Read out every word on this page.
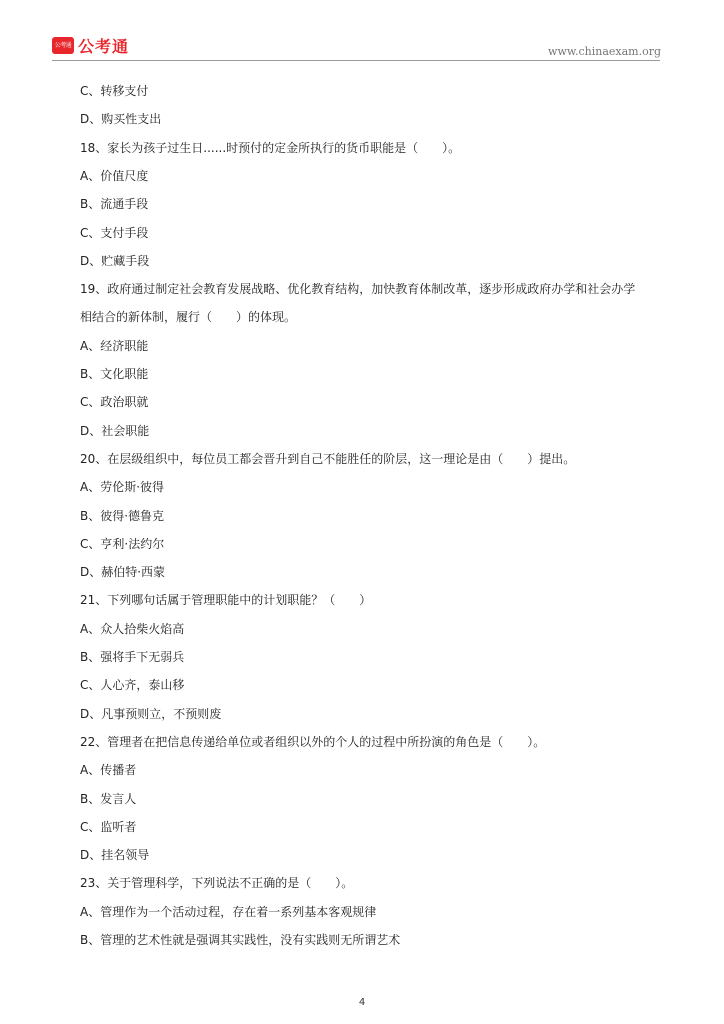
公考通 公考通	www.chinaexam.org
C、转移支付
D、购买性支出
18、家长为孩子过生日......时预付的定金所执行的货币职能是（　　）。
A、价值尺度
B、流通手段
C、支付手段
D、贮藏手段
19、政府通过制定社会教育发展战略、优化教育结构，加快教育体制改革，逐步形成政府办学和社会办学
相结合的新体制，履行（　　）的体现。
A、经济职能
B、文化职能
C、政治职就
D、社会职能
20、在层级组织中，每位员工都会晋升到自己不能胜任的阶层，这一理论是由（　　）提出。
A、劳伦斯·彼得
B、彼得·德鲁克
C、亨利·法约尔
D、赫伯特·西蒙
21、下列哪句话属于管理职能中的计划职能？（　　）
A、众人拾柴火焰高
B、强将手下无弱兵
C、人心齐，泰山移
D、凡事预则立，不预则废
22、管理者在把信息传递给单位或者组织以外的个人的过程中所扮演的角色是（　　）。
A、传播者
B、发言人
C、监听者
D、挂名领导
23、关于管理科学，下列说法不正确的是（　　）。
A、管理作为一个活动过程，存在着一系列基本客观规律
B、管理的艺术性就是强调其实践性，没有实践则无所谓艺术
4
